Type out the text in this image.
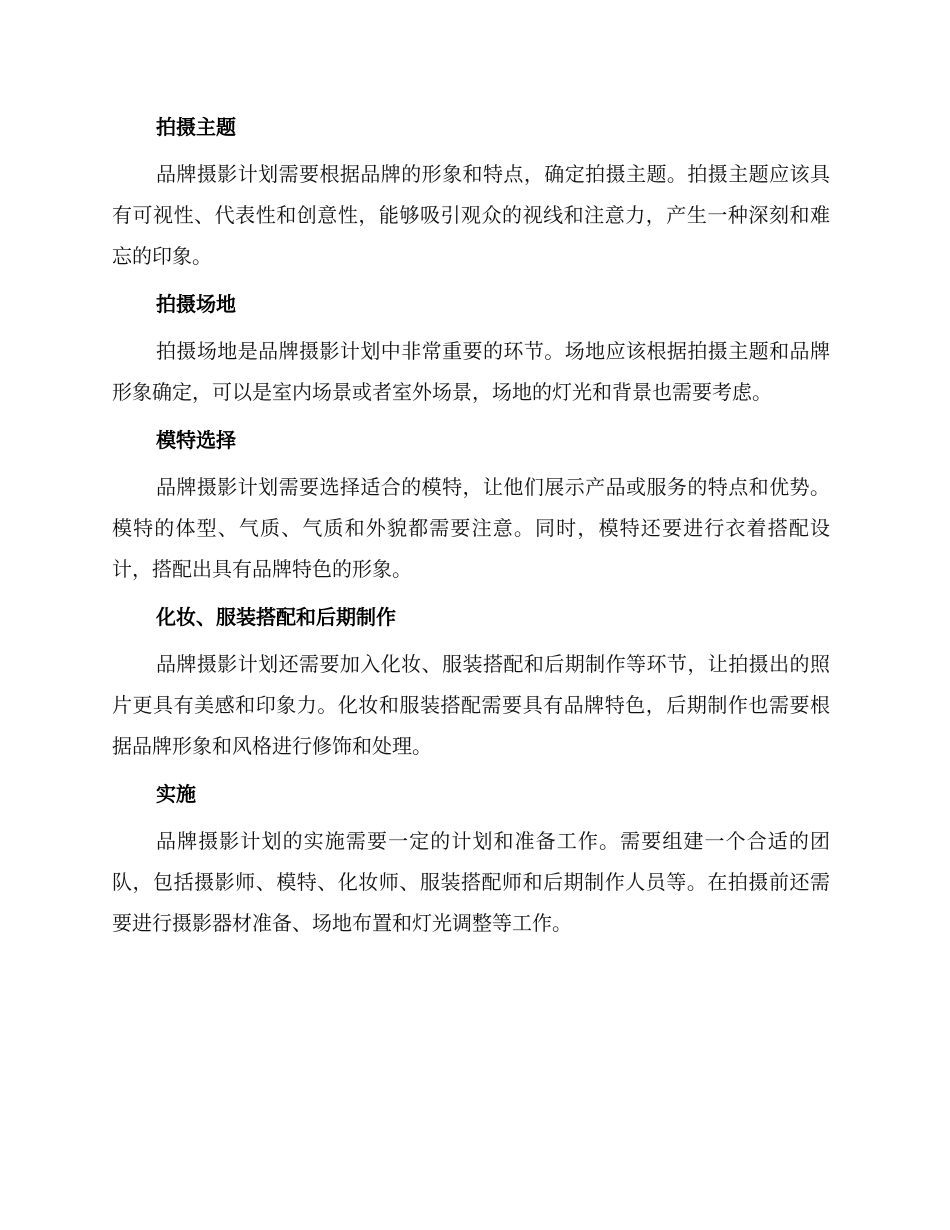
拍摄主题

品牌摄影计划需要根据品牌的形象和特点，确定拍摄主题。拍摄主题应该具有可视性、代表性和创意性，能够吸引观众的视线和注意力，产生一种深刻和难忘的印象。

拍摄场地

拍摄场地是品牌摄影计划中非常重要的环节。场地应该根据拍摄主题和品牌形象确定，可以是室内场景或者室外场景，场地的灯光和背景也需要考虑。

模特选择

品牌摄影计划需要选择适合的模特，让他们展示产品或服务的特点和优势。模特的体型、气质、气质和外貌都需要注意。同时，模特还要进行衣着搭配设计，搭配出具有品牌特色的形象。

化妆、服装搭配和后期制作

品牌摄影计划还需要加入化妆、服装搭配和后期制作等环节，让拍摄出的照片更具有美感和印象力。化妆和服装搭配需要具有品牌特色，后期制作也需要根据品牌形象和风格进行修饰和处理。

实施

品牌摄影计划的实施需要一定的计划和准备工作。需要组建一个合适的团队，包括摄影师、模特、化妆师、服装搭配师和后期制作人员等。在拍摄前还需要进行摄影器材准备、场地布置和灯光调整等工作。
